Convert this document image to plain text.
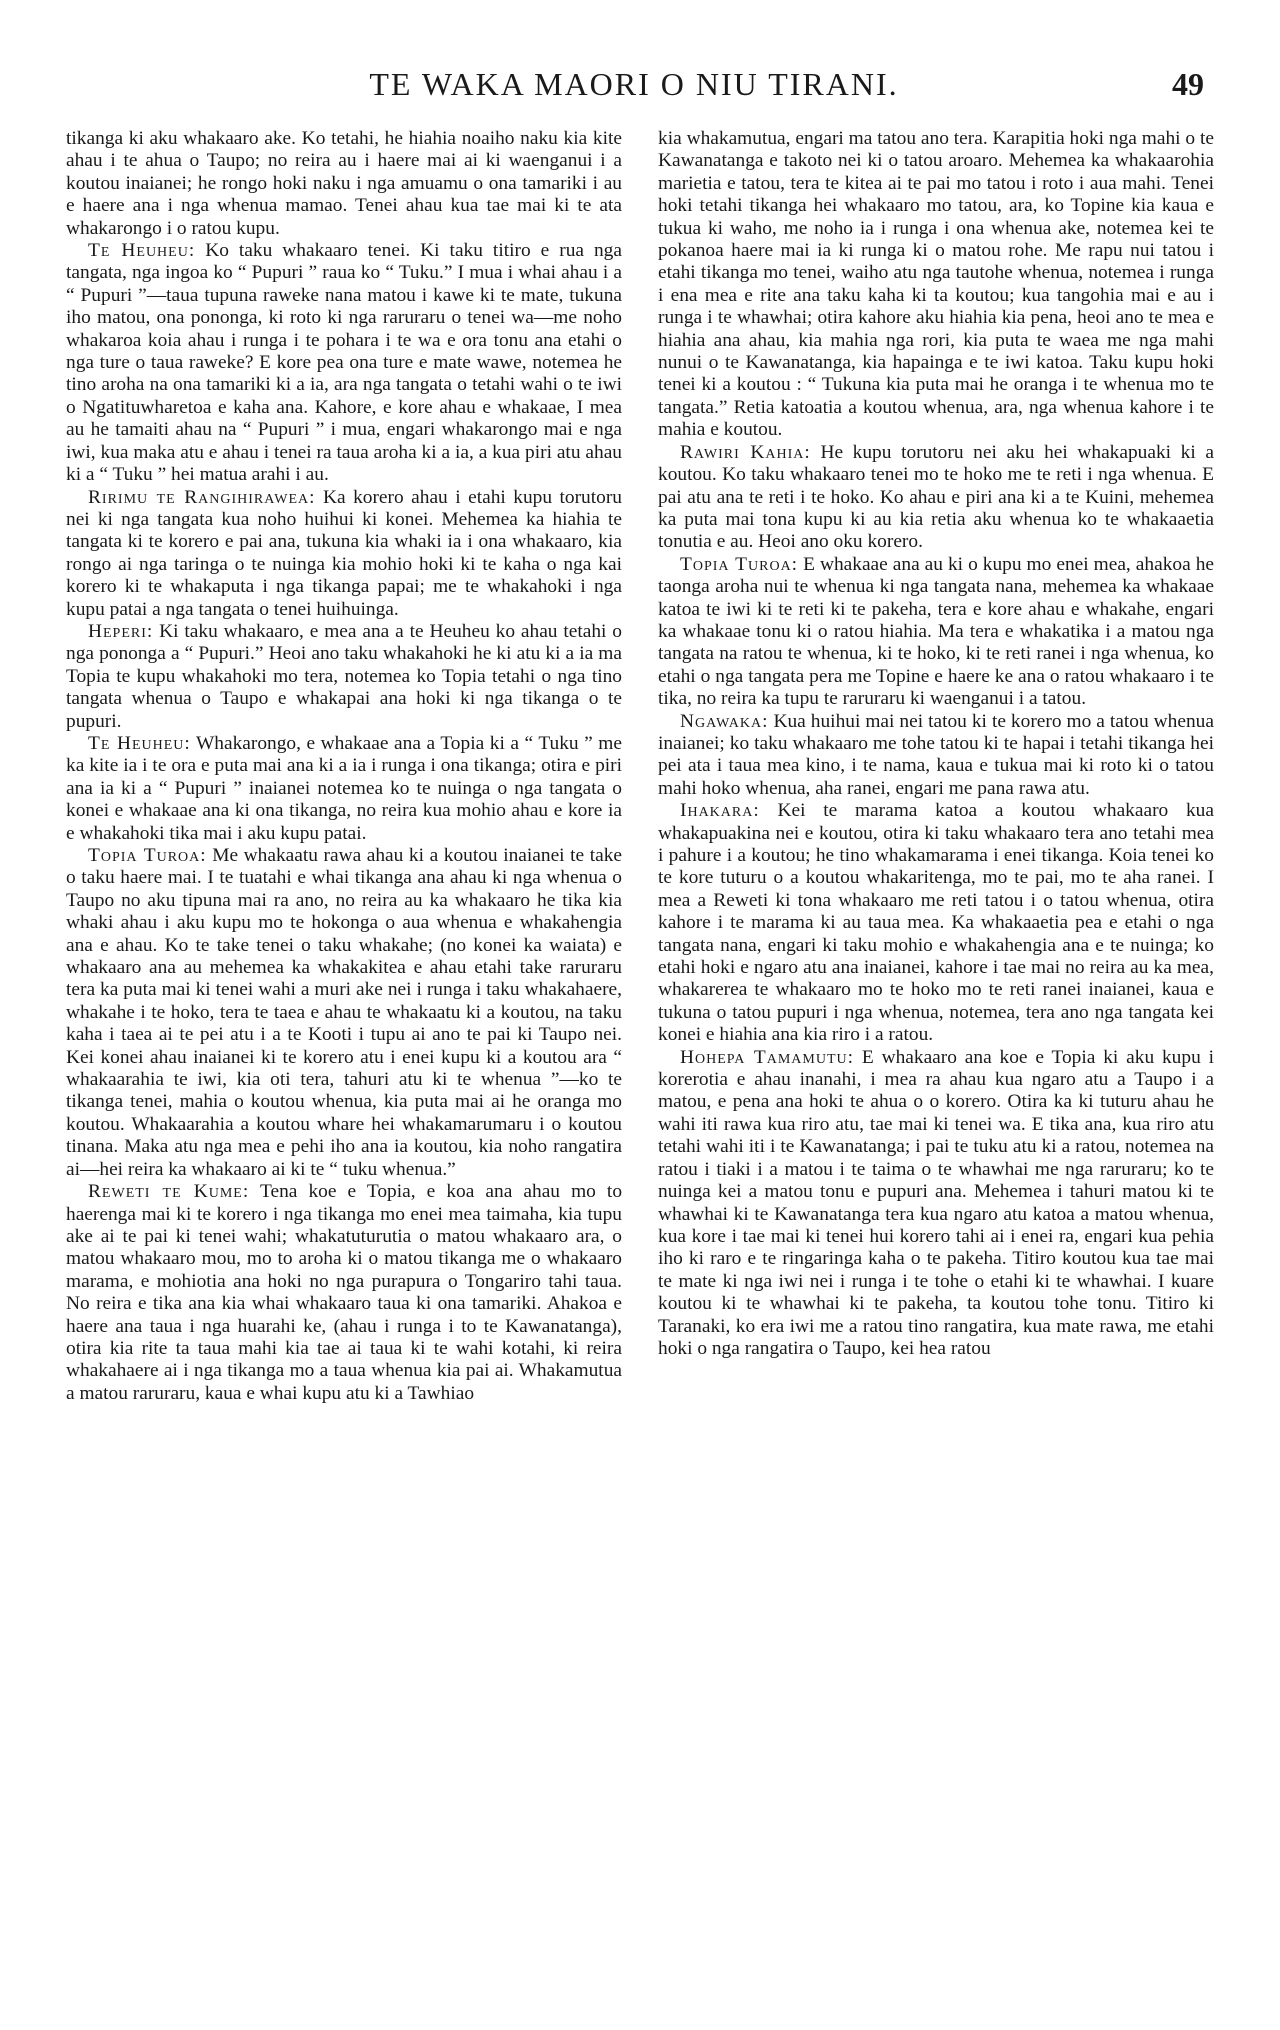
TE WAKA MAORI O NIU TIRANI.	49

tikanga ki aku whakaaro ake. Ko tetahi, he hiahia noaiho naku kia kite ahau i te ahua o Taupo; no reira au i haere mai ai ki waenganui i a koutou inaianei; he rongo hoki naku i nga amuamu o ona tamariki i au e haere ana i nga whenua mamao. Tenei ahau kua tae mai ki te ata whakarongo i o ratou kupu.

Te Heuheu: Ko taku whakaaro tenei. Ki taku titiro e rua nga tangata, nga ingoa ko “ Pupuri ” raua ko “ Tuku.” I mua i whai ahau i a “ Pupuri ”—taua tupuna raweke nana matou i kawe ki te mate, tukuna iho matou, ona pononga, ki roto ki nga raruraru o tenei wa—me noho whakaroa koia ahau i runga i te pohara i te wa e ora tonu ana etahi o nga ture o taua raweke? E kore pea ona ture e mate wawe, notemea he tino aroha na ona tamariki ki a ia, ara nga tangata o tetahi wahi o te iwi o Ngatituwharetoa e kaha ana. Kahore, e kore ahau e whakaae, I mea au he tamaiti ahau na “ Pupuri ” i mua, engari whakarongo mai e nga iwi, kua maka atu e ahau i tenei ra taua aroha ki a ia, a kua piri atu ahau ki a “ Tuku ” hei matua arahi i au.

Ririmu te Rangihirawea: Ka korero ahau i etahi kupu torutoru nei ki nga tangata kua noho huihui ki konei. Mehemea ka hiahia te tangata ki te korero e pai ana, tukuna kia whaki ia i ona whakaaro, kia rongo ai nga taringa o te nuinga kia mohio hoki ki te kaha o nga kai korero ki te whakaputa i nga tikanga papai; me te whakahoki i nga kupu patai a nga tangata o tenei huihuinga.

Heperi: Ki taku whakaaro, e mea ana a te Heuheu ko ahau tetahi o nga pononga a “ Pupuri.” Heoi ano taku whakahoki he ki atu ki a ia ma Topia te kupu whakahoki mo tera, notemea ko Topia tetahi o nga tino tangata whenua o Taupo e whakapai ana hoki ki nga tikanga o te pupuri.

Te Heuheu: Whakarongo, e whakaae ana a Topia ki a “ Tuku ” me ka kite ia i te ora e puta mai ana ki a ia i runga i ona tikanga; otira e piri ana ia ki a “ Pupuri ” inaianei notemea ko te nuinga o nga tangata o konei e whakaae ana ki ona tikanga, no reira kua mohio ahau e kore ia e whakahoki tika mai i aku kupu patai.

Topia Turoa: Me whakaatu rawa ahau ki a koutou inaianei te take o taku haere mai. I te tuatahi e whai tikanga ana ahau ki nga whenua o Taupo no aku tipuna mai ra ano, no reira au ka whakaaro he tika kia whaki ahau i aku kupu mo te hokonga o aua whenua e whakahengia ana e ahau. Ko te take tenei o taku whakahe; (no konei ka waiata) e whakaaro ana au mehemea ka whakakitea e ahau etahi take raruraru tera ka puta mai ki tenei wahi a muri ake nei i runga i taku whakahaere, whakahe i te hoko, tera te taea e ahau te whakaatu ki a koutou, na taku kaha i taea ai te pei atu i a te Kooti i tupu ai ano te pai ki Taupo nei. Kei konei ahau inaianei ki te korero atu i enei kupu ki a koutou ara “ whakaarahia te iwi, kia oti tera, tahuri atu ki te whenua ”—ko te tikanga tenei, mahia o koutou whenua, kia puta mai ai he oranga mo koutou. Whakaarahia a koutou whare hei whakamarumaru i o koutou tinana. Maka atu nga mea e pehi iho ana ia koutou, kia noho rangatira ai—hei reira ka whakaaro ai ki te “ tuku whenua.”

Reweti te Kume: Tena koe e Topia, e koa ana ahau mo to haerenga mai ki te korero i nga tikanga mo enei mea taimaha, kia tupu ake ai te pai ki tenei wahi; whakatuturutia o matou whakaaro ara, o matou whakaaro mou, mo to aroha ki o matou tikanga me o whakaaro marama, e mohiotia ana hoki no nga purapura o Tongariro tahi taua. No reira e tika ana kia whai whakaaro taua ki ona tamariki. Ahakoa e haere ana taua i nga huarahi ke, (ahau i runga i to te Kawanatanga), otira kia rite ta taua mahi kia tae ai taua ki te wahi kotahi, ki reira whakahaere ai i nga tikanga mo a taua whenua kia pai ai. Whakamutua a matou raruraru, kaua e whai kupu atu ki a Tawhiao

kia whakamutua, engari ma tatou ano tera. Karapitia hoki nga mahi o te Kawanatanga e takoto nei ki o tatou aroaro. Mehemea ka whakaarohia marietia e tatou, tera te kitea ai te pai mo tatou i roto i aua mahi. Tenei hoki tetahi tikanga hei whakaaro mo tatou, ara, ko Topine kia kaua e tukua ki waho, me noho ia i runga i ona whenua ake, notemea kei te pokanoa haere mai ia ki runga ki o matou rohe. Me rapu nui tatou i etahi tikanga mo tenei, waiho atu nga tautohe whenua, notemea i runga i ena mea e rite ana taku kaha ki ta koutou; kua tangohia mai e au i runga i te whawhai; otira kahore aku hiahia kia pena, heoi ano te mea e hiahia ana ahau, kia mahia nga rori, kia puta te waea me nga mahi nunui o te Kawanatanga, kia hapainga e te iwi katoa. Taku kupu hoki tenei ki a koutou : “ Tukuna kia puta mai he oranga i te whenua mo te tangata.” Retia katoatia a koutou whenua, ara, nga whenua kahore i te mahia e koutou.

Rawiri Kahia: He kupu torutoru nei aku hei whakapuaki ki a koutou. Ko taku whakaaro tenei mo te hoko me te reti i nga whenua. E pai atu ana te reti i te hoko. Ko ahau e piri ana ki a te Kuini, mehemea ka puta mai tona kupu ki au kia retia aku whenua ko te whakaaetia tonutia e au. Heoi ano oku korero.

Topia Turoa: E whakaae ana au ki o kupu mo enei mea, ahakoa he taonga aroha nui te whenua ki nga tangata nana, mehemea ka whakaae katoa te iwi ki te reti ki te pakeha, tera e kore ahau e whakahe, engari ka whakaae tonu ki o ratou hiahia. Ma tera e whakatika i a matou nga tangata na ratou te whenua, ki te hoko, ki te reti ranei i nga whenua, ko etahi o nga tangata pera me Topine e haere ke ana o ratou whakaaro i te tika, no reira ka tupu te raruraru ki waenganui i a tatou.

Ngawaka: Kua huihui mai nei tatou ki te korero mo a tatou whenua inaianei; ko taku whakaaro me tohe tatou ki te hapai i tetahi tikanga hei pei ata i taua mea kino, i te nama, kaua e tukua mai ki roto ki o tatou mahi hoko whenua, aha ranei, engari me pana rawa atu.

Ihakara: Kei te marama katoa a koutou whakaaro kua whakapuakina nei e koutou, otira ki taku whakaaro tera ano tetahi mea i pahure i a koutou; he tino whakamarama i enei tikanga. Koia tenei ko te kore tuturu o a koutou whakaritenga, mo te pai, mo te aha ranei. I mea a Reweti ki tona whakaaro me reti tatou i o tatou whenua, otira kahore i te marama ki au taua mea. Ka whakaaetia pea e etahi o nga tangata nana, engari ki taku mohio e whakahengia ana e te nuinga; ko etahi hoki e ngaro atu ana inaianei, kahore i tae mai no reira au ka mea, whakarerea te whakaaro mo te hoko mo te reti ranei inaianei, kaua e tukuna o tatou pupuri i nga whenua, notemea, tera ano nga tangata kei konei e hiahia ana kia riro i a ratou.

Hohepa Tamamutu: E whakaaro ana koe e Topia ki aku kupu i korerotia e ahau inanahi, i mea ra ahau kua ngaro atu a Taupo i a matou, e pena ana hoki te ahua o o korero. Otira ka ki tuturu ahau he wahi iti rawa kua riro atu, tae mai ki tenei wa. E tika ana, kua riro atu tetahi wahi iti i te Kawanatanga; i pai te tuku atu ki a ratou, notemea na ratou i tiaki i a matou i te taima o te whawhai me nga raruraru; ko te nuinga kei a matou tonu e pupuri ana. Mehemea i tahuri matou ki te whawhai ki te Kawanatanga tera kua ngaro atu katoa a matou whenua, kua kore i tae mai ki tenei hui korero tahi ai i enei ra, engari kua pehia iho ki raro e te ringaringa kaha o te pakeha. Titiro koutou kua tae mai te mate ki nga iwi nei i runga i te tohe o etahi ki te whawhai. I kuare koutou ki te whawhai ki te pakeha, ta koutou tohe tonu. Titiro ki Taranaki, ko era iwi me a ratou tino rangatira, kua mate rawa, me etahi hoki o nga rangatira o Taupo, kei hea ratou
